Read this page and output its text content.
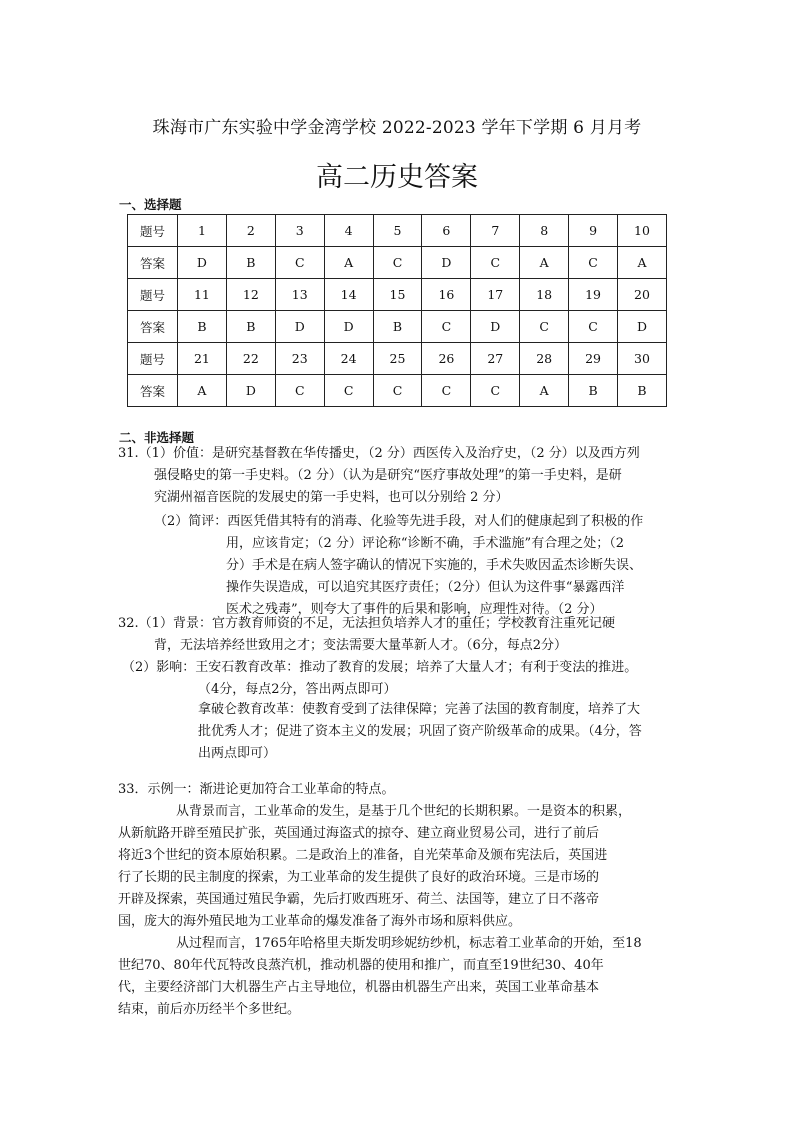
珠海市广东实验中学金湾学校 2022-2023 学年下学期 6 月月考
高二历史答案
一、选择题
题号	1	2	3	4	5	6	7	8	9	10
答案	D	B	C	A	C	D	C	A	C	A
题号	11	12	13	14	15	16	17	18	19	20
答案	B	B	D	D	B	C	D	C	C	D
题号	21	22	23	24	25	26	27	28	29	30
答案	A	D	C	C	C	C	C	A	B	B
二、非选择题
31.（1）价值：是研究基督教在华传播史，（2 分）西医传入及治疗史，（2 分）以及西方列
强侵略史的第一手史料。（2 分）（认为是研究“医疗事故处理”的第一手史料，是研
究湖州福音医院的发展史的第一手史料，也可以分别给 2 分）
（2）简评：西医凭借其特有的消毒、化验等先进手段，对人们的健康起到了积极的作
用，应该肯定；（2 分）评论称“诊断不确，手术滥施”有合理之处；（2
分）手术是在病人签字确认的情况下实施的，手术失败因孟杰诊断失误、
操作失误造成，可以追究其医疗责任；（2分）但认为这件事“暴露西洋
医术之残毒”，则夸大了事件的后果和影响，应理性对待。（2 分）
32.（1）背景：官方教育师资的不足，无法担负培养人才的重任；学校教育注重死记硬
背，无法培养经世致用之才；变法需要大量革新人才。（6分，每点2分）
（2）影响：王安石教育改革：推动了教育的发展；培养了大量人才；有利于变法的推进。
（4分，每点2分，答出两点即可）
拿破仑教育改革：使教育受到了法律保障；完善了法国的教育制度，培养了大
批优秀人才；促进了资本主义的发展；巩固了资产阶级革命的成果。（4分，答
出两点即可）
33．示例一：渐进论更加符合工业革命的特点。
从背景而言，工业革命的发生，是基于几个世纪的长期积累。一是资本的积累，
从新航路开辟至殖民扩张，英国通过海盗式的掠夺、建立商业贸易公司，进行了前后
将近3个世纪的资本原始积累。二是政治上的准备，自光荣革命及颁布宪法后，英国进
行了长期的民主制度的探索，为工业革命的发生提供了良好的政治环境。三是市场的
开辟及探索，英国通过殖民争霸，先后打败西班牙、荷兰、法国等，建立了日不落帝
国，庞大的海外殖民地为工业革命的爆发准备了海外市场和原料供应。
从过程而言，1765年哈格里夫斯发明珍妮纺纱机，标志着工业革命的开始，至18
世纪70、80年代瓦特改良蒸汽机，推动机器的使用和推广，而直至19世纪30、40年
代，主要经济部门大机器生产占主导地位，机器由机器生产出来，英国工业革命基本
结束，前后亦历经半个多世纪。
